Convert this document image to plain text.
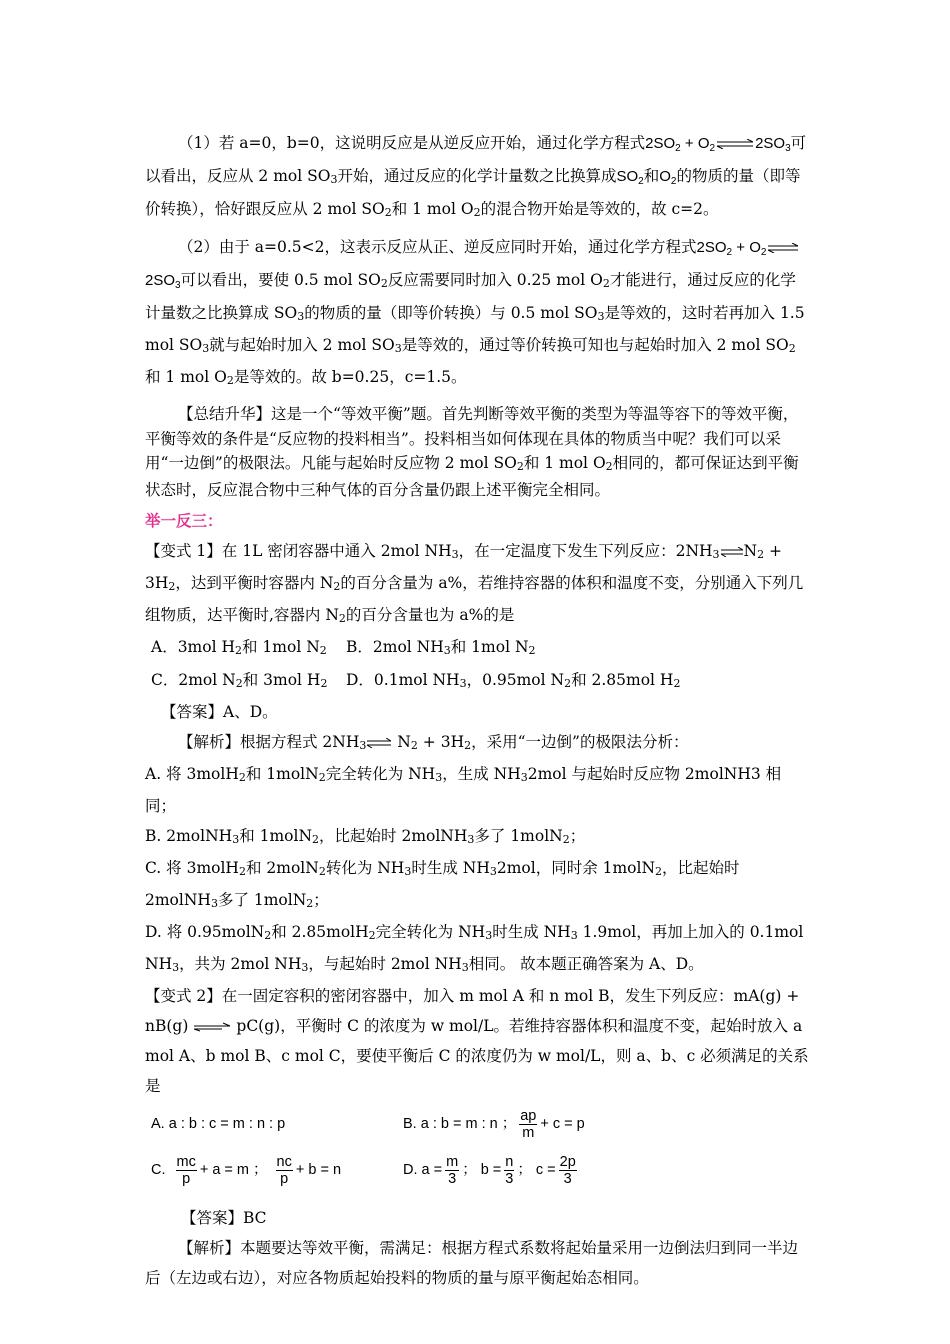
（1）若 a=0，b=0，这说明反应是从逆反应开始，通过化学方程式$2SO_2$ + $O_2\rightleftharpoons 2SO_3$可以看出，反应从 2 mol SO3开始，通过反应的化学计量数之比换算成$SO_2$和$O_2$的物质的量（即等价转换），恰好跟反应从 2 mol SO2和 1 mol O2的混合物开始是等效的，故 c=2。

（2）由于 a=0.5<2，这表示反应从正、逆反应同时开始，通过化学方程式$2SO_2$ + $O_2\rightleftharpoons 2SO_3$可以看出，要使 0.5 mol SO2反应需要同时加入 0.25 mol O2才能进行，通过反应的化学计量数之比换算成 SO3的物质的量（即等价转换）与 0.5 mol SO3是等效的，这时若再加入 1.5 mol SO3就与起始时加入 2 mol SO3是等效的，通过等价转换可知也与起始时加入 2 mol SO2和 1 mol O2是等效的。故 b=0.25，c=1.5。

【总结升华】这是一个“等效平衡”题。首先判断等效平衡的类型为等温等容下的等效平衡，平衡等效的条件是“反应物的投料相当”。投料相当如何体现在具体的物质当中呢？我们可以采用“一边倒”的极限法。凡能与起始时反应物 2 mol SO2和 1 mol O2相同的，都可保证达到平衡状态时，反应混合物中三种气体的百分含量仍跟上述平衡完全相同。

举一反三：

【变式 1】在 1L 密闭容器中通入 2mol NH3，在一定温度下发生下列反应：2NH3⇌N2 + 3H2，达到平衡时容器内 N2的百分含量为 a%，若维持容器的体积和温度不变，分别通入下列几组物质，达平衡时,容器内 N2的百分含量也为 a%的是

A．3mol H2和 1mol N2	B．2mol NH3和 1mol N2
C．2mol N2和 3mol H2	D．0.1mol NH3，0.95mol N2和 2.85mol H2

【答案】A、D。

【解析】根据方程式 2NH3⇌ N2 + 3H2，采用“一边倒”的极限法分析：

A. 将 3molH2和 1molN2完全转化为 NH3，生成 NH32mol 与起始时反应物 2molNH3 相同；

B. 2molNH3和 1molN2，比起始时 2molNH3多了 1molN2；

C. 将 3molH2和 2molN2转化为 NH3时生成 NH32mol，同时余 1molN2，比起始时 2molNH3多了 1molN2；

D. 将 0.95molN2和 2.85molH2完全转化为 NH3时生成 NH3 1.9mol，再加上加入的 0.1mol NH3，共为 2mol NH3，与起始时 2mol NH3相同。 故本题正确答案为 A、D。

【变式 2】在一固定容积的密闭容器中，加入 m mol A 和 n mol B，发生下列反应：mA(g) + nB(g) ⇌ pC(g)，平衡时 C 的浓度为 w mol/L。若维持容器体积和温度不变，起始时放入 a mol A、b mol B、c mol C，要使平衡后 C 的浓度仍为 w mol/L，则 a、b、c 必须满足的关系是

A. a : b : c = m : n : p	B. a : b = m : n ； $\frac{ap}{m} + c = p$
C. $\frac{mc}{p} + a = m$ ； $\frac{nc}{p} + b = n$	D. $a = \frac{m}{3}$ ； $b = \frac{n}{3}$ ； $c = \frac{2p}{3}$

【答案】BC

【解析】本题要达等效平衡，需满足：根据方程式系数将起始量采用一边倒法归到同一半边后（左边或右边），对应各物质起始投料的物质的量与原平衡起始态相同。
